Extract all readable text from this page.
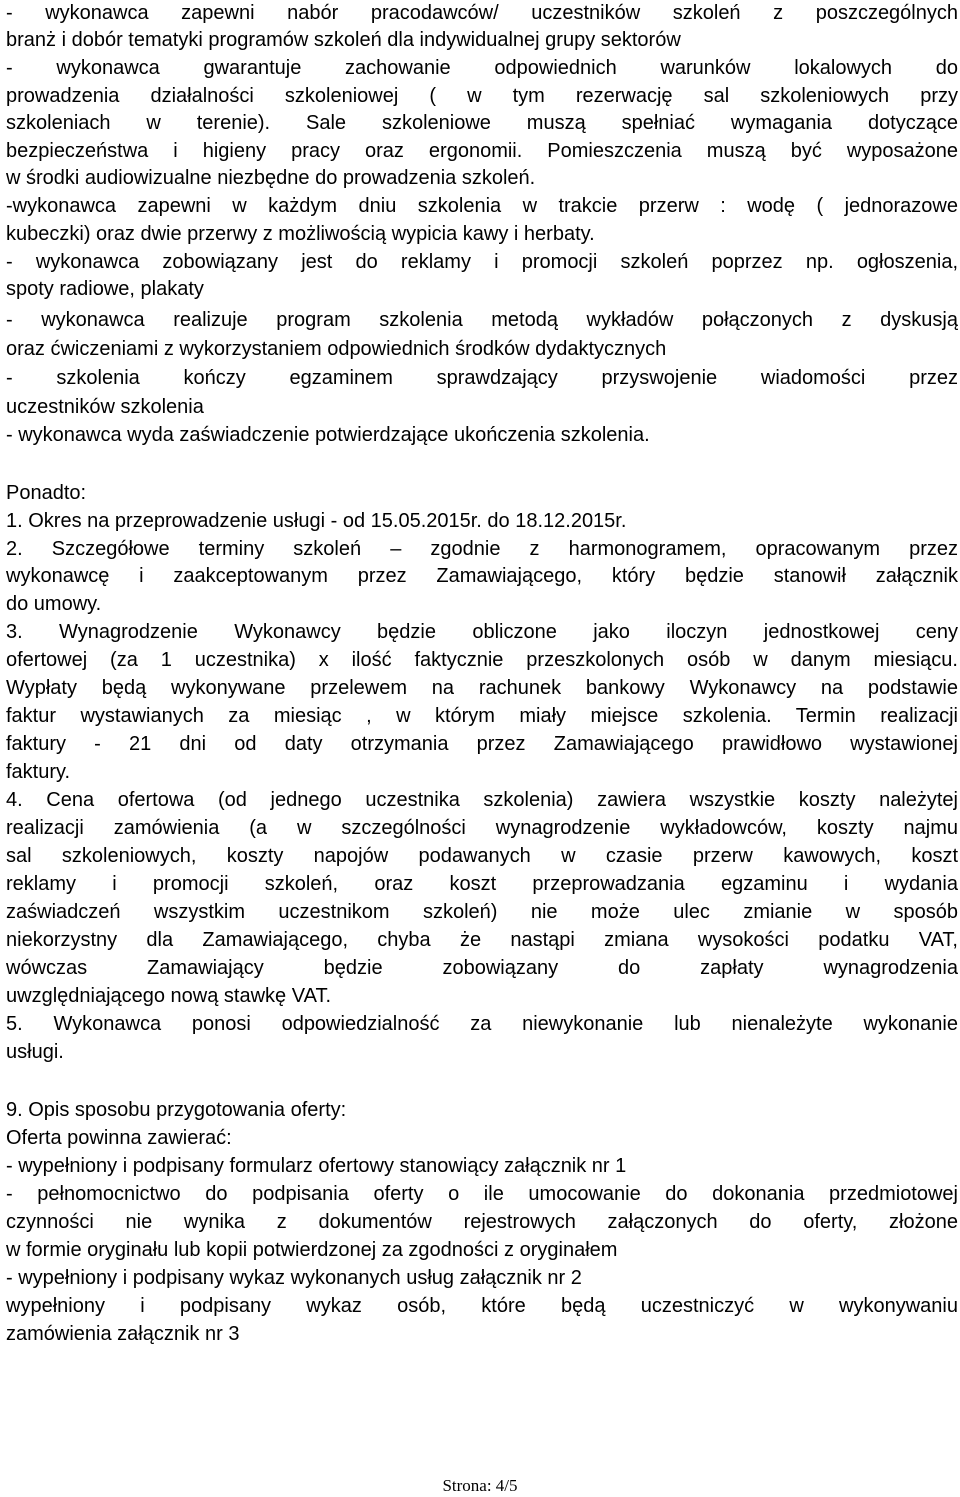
- wykonawca zapewni nabór pracodawców/ uczestników szkoleń z poszczególnych
branż i dobór tematyki programów szkoleń dla indywidualnej grupy sektorów
- wykonawca gwarantuje zachowanie odpowiednich warunków lokalowych do
prowadzenia działalności szkoleniowej ( w tym rezerwację sal szkoleniowych przy
szkoleniach w terenie). Sale szkoleniowe muszą spełniać wymagania dotyczące
bezpieczeństwa i higieny pracy oraz ergonomii. Pomieszczenia muszą być wyposażone
w środki audiowizualne niezbędne do prowadzenia szkoleń.
-wykonawca zapewni w każdym dniu szkolenia w trakcie przerw : wodę ( jednorazowe
kubeczki) oraz dwie przerwy z możliwością wypicia kawy i herbaty.
- wykonawca zobowiązany jest do reklamy i promocji szkoleń poprzez np. ogłoszenia,
spoty radiowe, plakaty
- wykonawca realizuje program szkolenia metodą wykładów połączonych z dyskusją
oraz ćwiczeniami z wykorzystaniem odpowiednich środków dydaktycznych
- szkolenia kończy egzaminem sprawdzający przyswojenie wiadomości przez
uczestników szkolenia
- wykonawca wyda zaświadczenie potwierdzające ukończenia szkolenia.
Ponadto:
1. Okres na przeprowadzenie usługi - od 15.05.2015r. do 18.12.2015r.
2. Szczegółowe terminy szkoleń – zgodnie z harmonogramem, opracowanym przez
wykonawcę i zaakceptowanym przez Zamawiającego, który będzie stanowił załącznik
do umowy.
3. Wynagrodzenie Wykonawcy będzie obliczone jako iloczyn jednostkowej ceny
ofertowej (za 1 uczestnika) x ilość faktycznie przeszkolonych osób w danym miesiącu.
Wypłaty będą wykonywane przelewem na rachunek bankowy Wykonawcy na podstawie
faktur wystawianych za miesiąc , w którym miały miejsce szkolenia. Termin realizacji
faktury - 21 dni od daty otrzymania przez Zamawiającego prawidłowo wystawionej
faktury.
4. Cena ofertowa (od jednego uczestnika szkolenia) zawiera wszystkie koszty należytej
realizacji zamówienia (a w szczególności wynagrodzenie wykładowców, koszty najmu
sal szkoleniowych, koszty napojów podawanych w czasie przerw kawowych, koszt
reklamy i promocji szkoleń, oraz koszt przeprowadzania egzaminu i wydania
zaświadczeń wszystkim uczestnikom szkoleń) nie może ulec zmianie w sposób
niekorzystny dla Zamawiającego, chyba że nastąpi zmiana wysokości podatku VAT,
wówczas Zamawiający będzie zobowiązany do zapłaty wynagrodzenia
uwzględniającego nową stawkę VAT.
5. Wykonawca ponosi odpowiedzialność za niewykonanie lub nienależyte wykonanie
usługi.
9. Opis sposobu przygotowania oferty:
Oferta powinna zawierać:
- wypełniony i podpisany formularz ofertowy stanowiący załącznik nr 1
- pełnomocnictwo do podpisania oferty o ile umocowanie do dokonania przedmiotowej
czynności nie wynika z dokumentów rejestrowych załączonych do oferty, złożone
w formie oryginału lub kopii potwierdzonej za zgodności z oryginałem
- wypełniony i podpisany wykaz wykonanych usług załącznik nr 2
wypełniony i podpisany wykaz osób, które będą uczestniczyć w wykonywaniu
zamówienia załącznik nr 3
Strona: 4/5
